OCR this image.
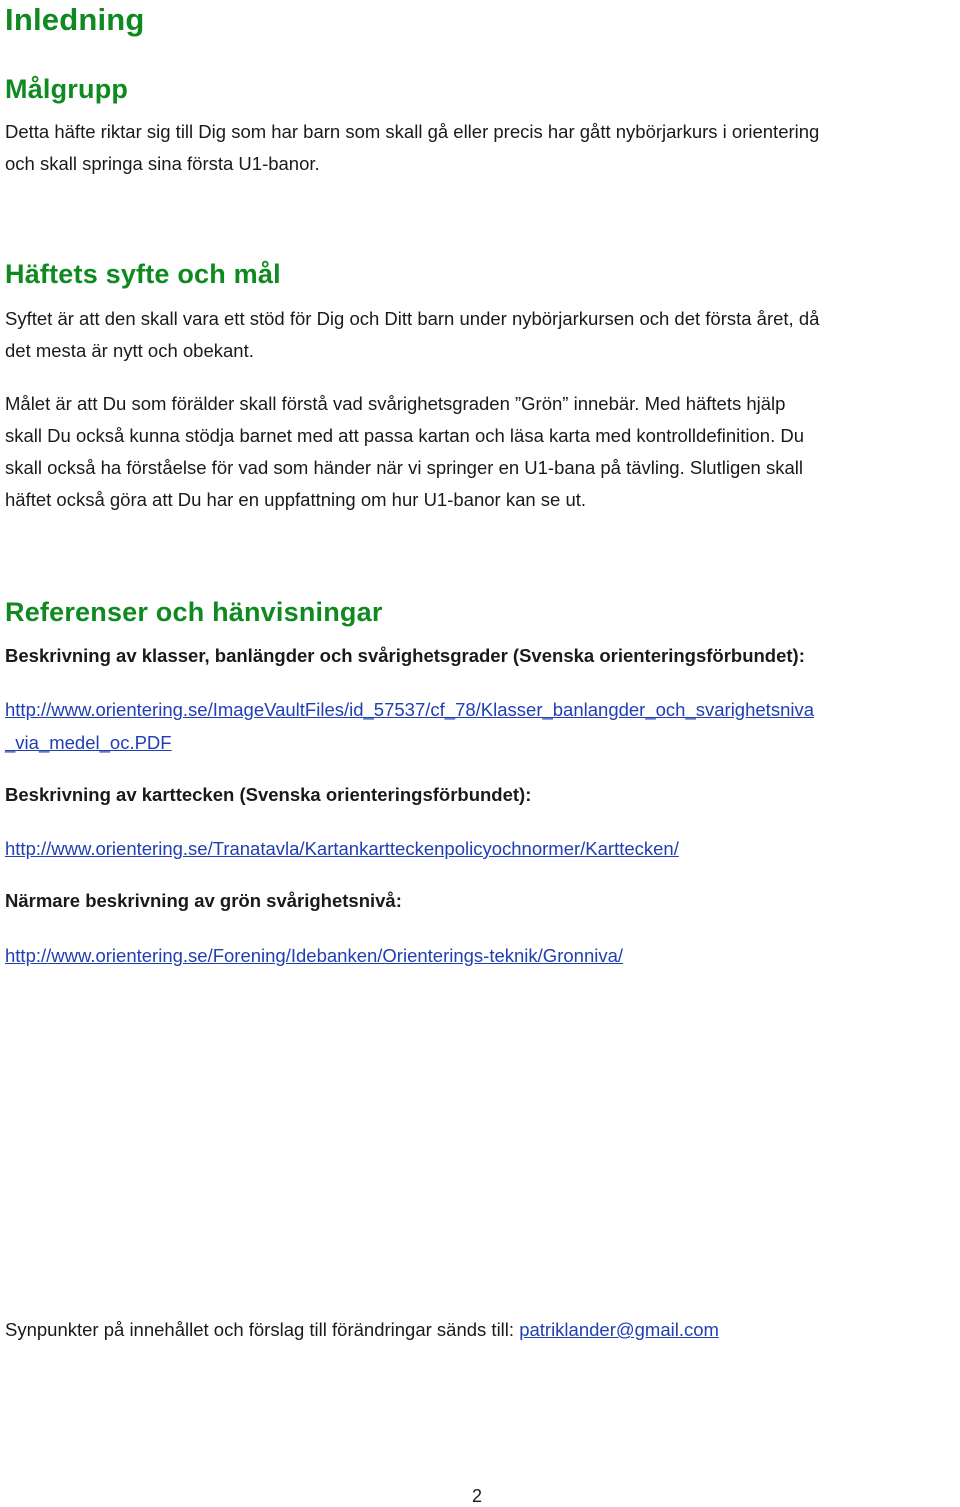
Inledning
Målgrupp
Detta häfte riktar sig till Dig som har barn som skall gå eller precis har gått nybörjarkurs i orientering
och skall springa sina första U1-banor.
Häftets syfte och mål
Syftet är att den skall vara ett stöd för Dig och Ditt barn under nybörjarkursen och det första året, då
det mesta är nytt och obekant.
Målet är att Du som förälder skall förstå vad svårighetsgraden ”Grön” innebär. Med häftets hjälp
skall Du också kunna stödja barnet med att passa kartan och läsa karta med kontrolldefinition. Du
skall också ha förståelse för vad som händer när vi springer en U1-bana på tävling. Slutligen skall
häftet också göra att Du har en uppfattning om hur U1-banor kan se ut.
Referenser och hänvisningar
Beskrivning av klasser, banlängder och svårighetsgrader (Svenska orienteringsförbundet):
http://www.orientering.se/ImageVaultFiles/id_57537/cf_78/Klasser_banlangder_och_svarighetsniva
_via_medel_oc.PDF
Beskrivning av karttecken (Svenska orienteringsförbundet):
http://www.orientering.se/Tranatavla/Kartankartteckenpolicyochnormer/Karttecken/
Närmare beskrivning av grön svårighetsnivå:
http://www.orientering.se/Forening/Idebanken/Orienterings-teknik/Gronniva/
Synpunkter på innehållet och förslag till förändringar sänds till: patriklander@gmail.com
2
